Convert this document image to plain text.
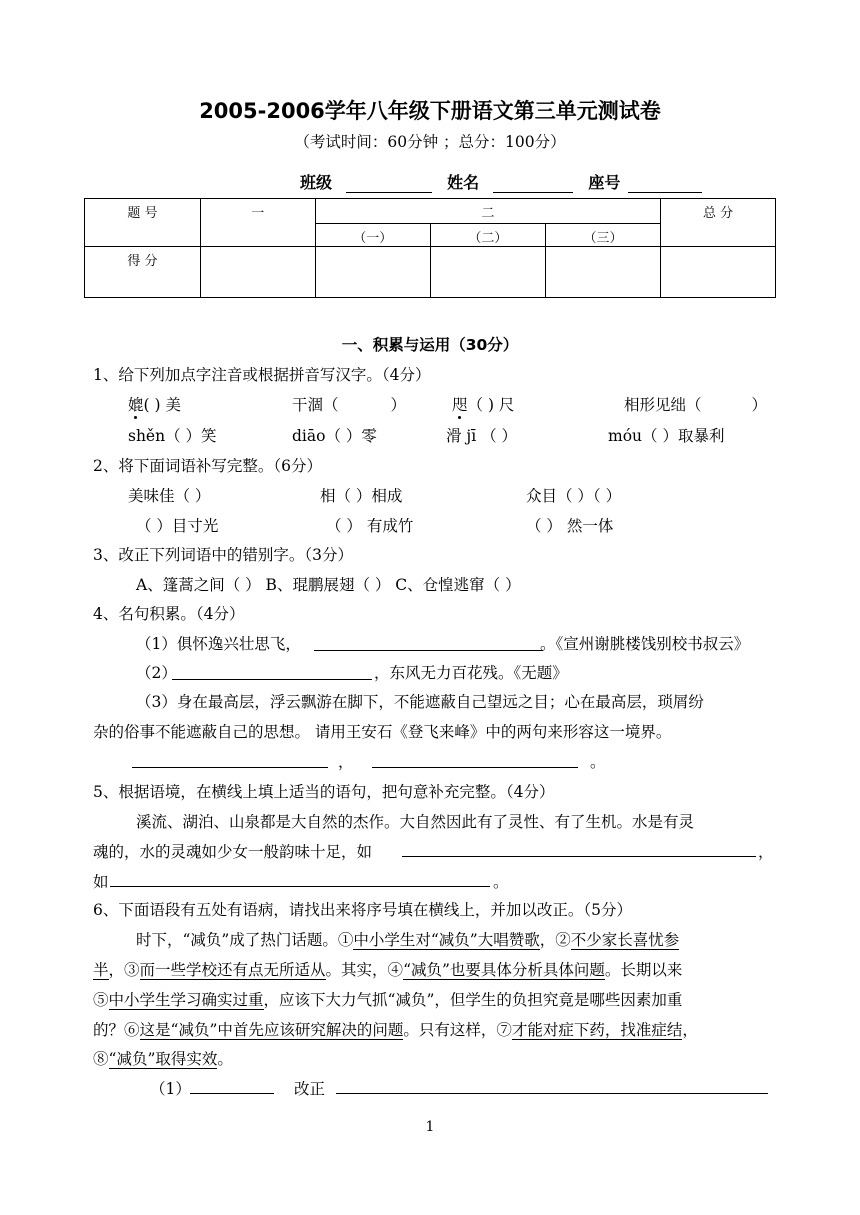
2005-2006学年八年级下册语文第三单元测试卷
（考试时间：60分钟 ；总分：100分）
班级	姓名	座号
题 号	一	二			总 分
		（一）	（二）	（三）	
得 分					
一、积累与运用（30分）
1、给下列加点字注音或根据拼音写汉字。（4分）
媲( ) 美	干涸（	）	咫（ ) 尺	相形见绌（	）
shěn（ ）笑	diāo（ ）零	滑 jī （ ）	móu（ ）取暴利
2、将下面词语补写完整。（6分）
美味佳（ ）	相（ ）相成	众目（ ）（ ）
（ ）目寸光	（ ） 有成竹	（ ） 然一体
3、改正下列词语中的错别字。（3分）
A、篷蒿之间（ ） B、琨鹏展翅（ ） C、仓惶逃窜（ ）
4、名句积累。（4分）
（1）俱怀逸兴壮思飞，	。《宣州谢朓楼饯别校书叔云》
（2）	，东风无力百花残。《无题》
（3）身在最高层，浮云飘游在脚下，不能遮蔽自己望远之目；心在最高层，琐屑纷
杂的俗事不能遮蔽自己的思想。 请用王安石《登飞来峰》中的两句来形容这一境界。
，	。
5、根据语境，在横线上填上适当的语句，把句意补充完整。（4分）
溪流、湖泊、山泉都是大自然的杰作。大自然因此有了灵性、有了生机。水是有灵
魂的，水的灵魂如少女一般韵味十足，如	，
如	。
6、下面语段有五处有语病，请找出来将序号填在横线上，并加以改正。（5分）
时下，“减负”成了热门话题。①中小学生对“减负”大唱赞歌，②不少家长喜忧参
半，③而一些学校还有点无所适从。其实，④“减负”也要具体分析具体问题。长期以来
⑤中小学生学习确实过重，应该下大力气抓“减负”，但学生的负担究竟是哪些因素加重
的？⑥这是“减负”中首先应该研究解决的问题。只有这样，⑦才能对症下药，找准症结，
⑧“减负”取得实效。
（1）	改正
1
